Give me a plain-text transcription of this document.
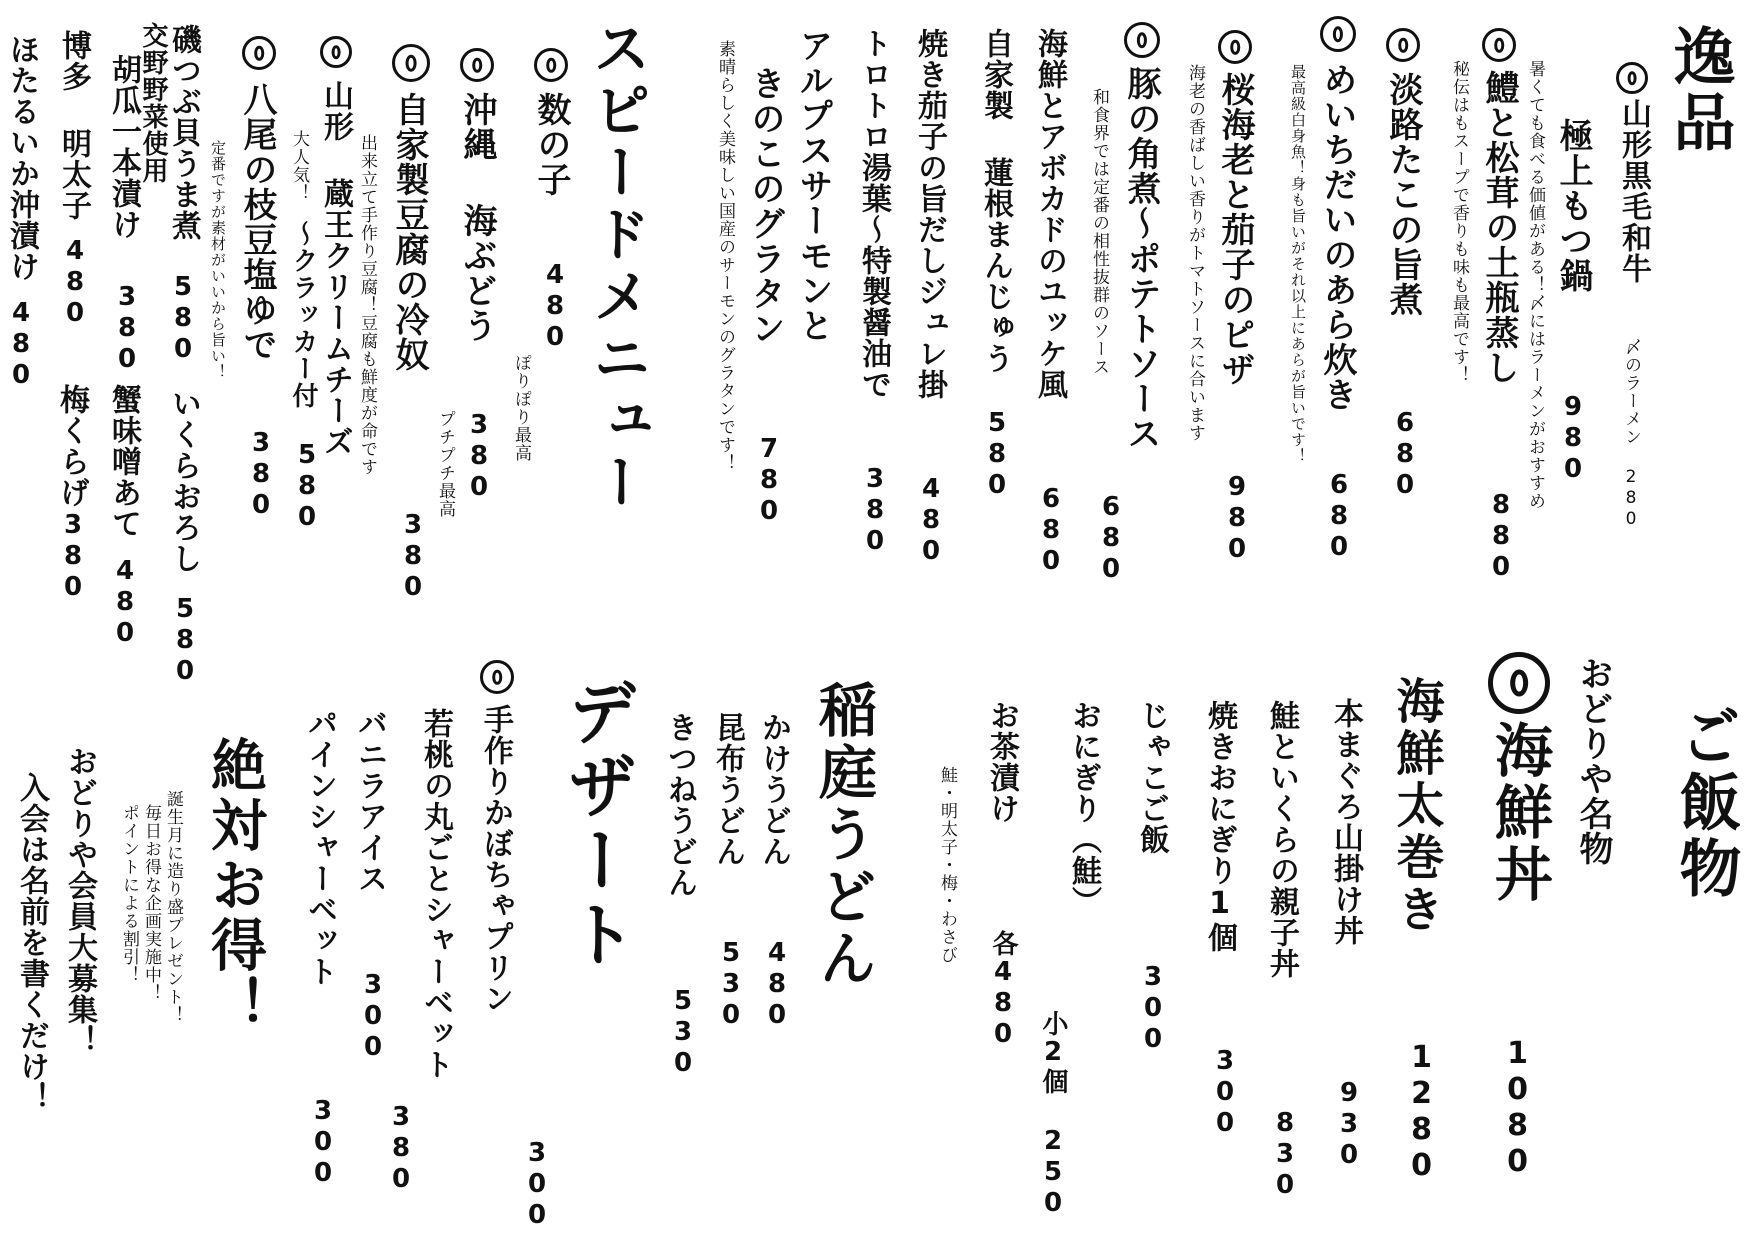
逸品
山形黒毛和牛
極上もつ鍋
980
暑くても食べる価値がある！〆にはラーメンがおすすめ	〆のラーメン 280
鱧と松茸の土瓶蒸し
880
秘伝はもスープで香りも味も最高です！
淡路たこの旨煮
680
めいちだいのあら炊き
680
最高級白身魚！身も旨いがそれ以上にあらが旨いです！
桜海老と茄子のピザ
980
海老の香ばしい香りがトマトソースに合います
豚の角煮〜ポテトソース
680
和食界では定番の相性抜群のソース
海鮮とアボカドのユッケ風
680
自家製 蓮根まんじゅう
580
焼き茄子の旨だしジュレ掛
480
トロトロ湯葉〜特製醤油で
380
アルプスサーモンと
きのこのグラタン
780
素晴らしく美味しい国産のサーモンのグラタンです！
スピードメニュー
数の子
480
ぽりぽり最高
沖縄 海ぶどう
380
プチプチ最高
自家製豆腐の冷奴
380
出来立て手作り豆腐！豆腐も鮮度が命です
山形 蔵王クリームチーズ
〜クラッカー付
580
大人気！
八尾の枝豆塩ゆで
380
定番ですが素材がいいから旨い！
磯つぶ貝うま煮
580
いくらおろし
580
交野野菜使用
胡瓜一本漬け
380
蟹味噌あて
480
博多 明太子
480
梅くらげ
380
ほたるいか沖漬け
480
ご飯物
おどりや名物
海鮮丼
1080
海鮮太巻き
1280
本まぐろ山掛け丼
930
鮭といくらの親子丼
830
焼きおにぎり1個
300
じゃこご飯
300
おにぎり（鮭）
小2個 250
お茶漬け
各480
鮭・明太子・梅・わさび
稲庭うどん
かけうどん
480
昆布うどん
530
きつねうどん
530
デザート
手作りかぼちゃプリン
300
若桃の丸ごとシャーベット
380
バニラアイス
300
パインシャーベット
300
絶対お得！
誕生月に造り盛プレゼント！
毎日お得な企画実施中！
ポイントによる割引！
おどりや会員大募集！
入会は名前を書くだけ！
